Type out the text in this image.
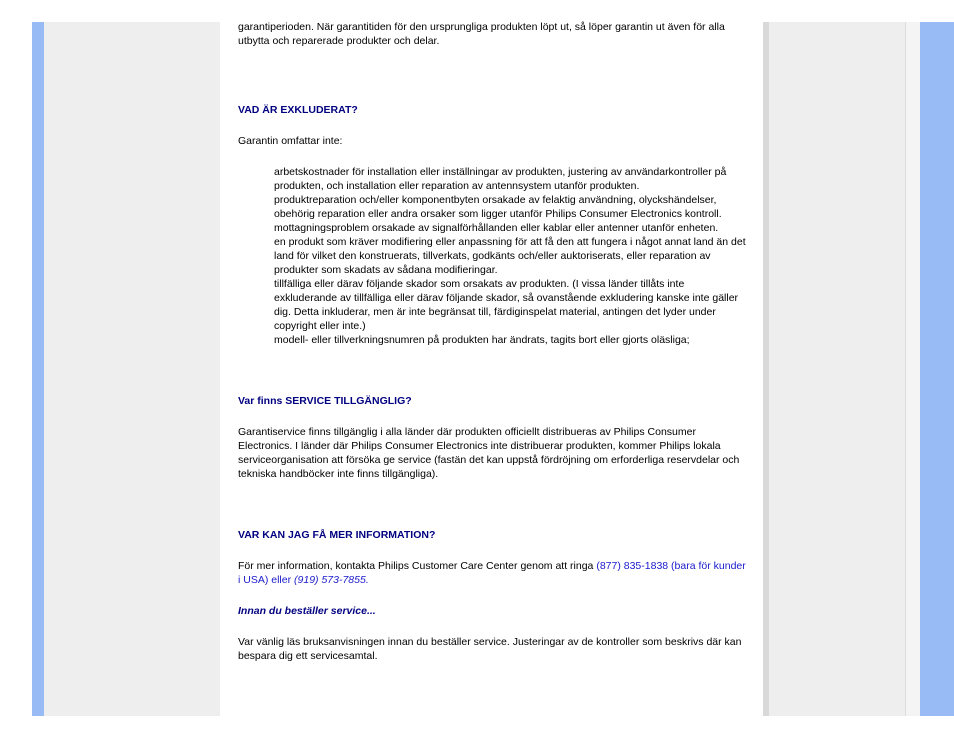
garantiperioden. När garantitiden för den ursprungliga produkten löpt ut, så löper garantin ut även för alla utbytta och reparerade produkter och delar.

VAD ÄR EXKLUDERAT?

Garantin omfattar inte:

arbetskostnader för installation eller inställningar av produkten, justering av användarkontroller på produkten, och installation eller reparation av antennsystem utanför produkten.
produktreparation och/eller komponentbyten orsakade av felaktig användning, olyckshändelser, obehörig reparation eller andra orsaker som ligger utanför Philips Consumer Electronics kontroll.
mottagningsproblem orsakade av signalförhållanden eller kablar eller antenner utanför enheten.
en produkt som kräver modifiering eller anpassning för att få den att fungera i något annat land än det land för vilket den konstruerats, tillverkats, godkänts och/eller auktoriserats, eller reparation av produkter som skadats av sådana modifieringar.
tillfälliga eller därav följande skador som orsakats av produkten. (I vissa länder tillåts inte exkluderande av tillfälliga eller därav följande skador, så ovanstående exkludering kanske inte gäller dig. Detta inkluderar, men är inte begränsat till, färdiginspelat material, antingen det lyder under copyright eller inte.)
modell- eller tillverkningsnumren på produkten har ändrats, tagits bort eller gjorts oläsliga;

Var finns SERVICE TILLGÄNGLIG?

Garantiservice finns tillgänglig i alla länder där produkten officiellt distribueras av Philips Consumer Electronics. I länder där Philips Consumer Electronics inte distribuerar produkten, kommer Philips lokala serviceorganisation att försöka ge service (fastän det kan uppstå fördröjning om erforderliga reservdelar och tekniska handböcker inte finns tillgängliga).

VAR KAN JAG FÅ MER INFORMATION?

För mer information, kontakta Philips Customer Care Center genom att ringa (877) 835-1838 (bara för kunder i USA) eller (919) 573-7855.

Innan du beställer service...

Var vänlig läs bruksanvisningen innan du beställer service. Justeringar av de kontroller som beskrivs där kan bespara dig ett servicesamtal.
